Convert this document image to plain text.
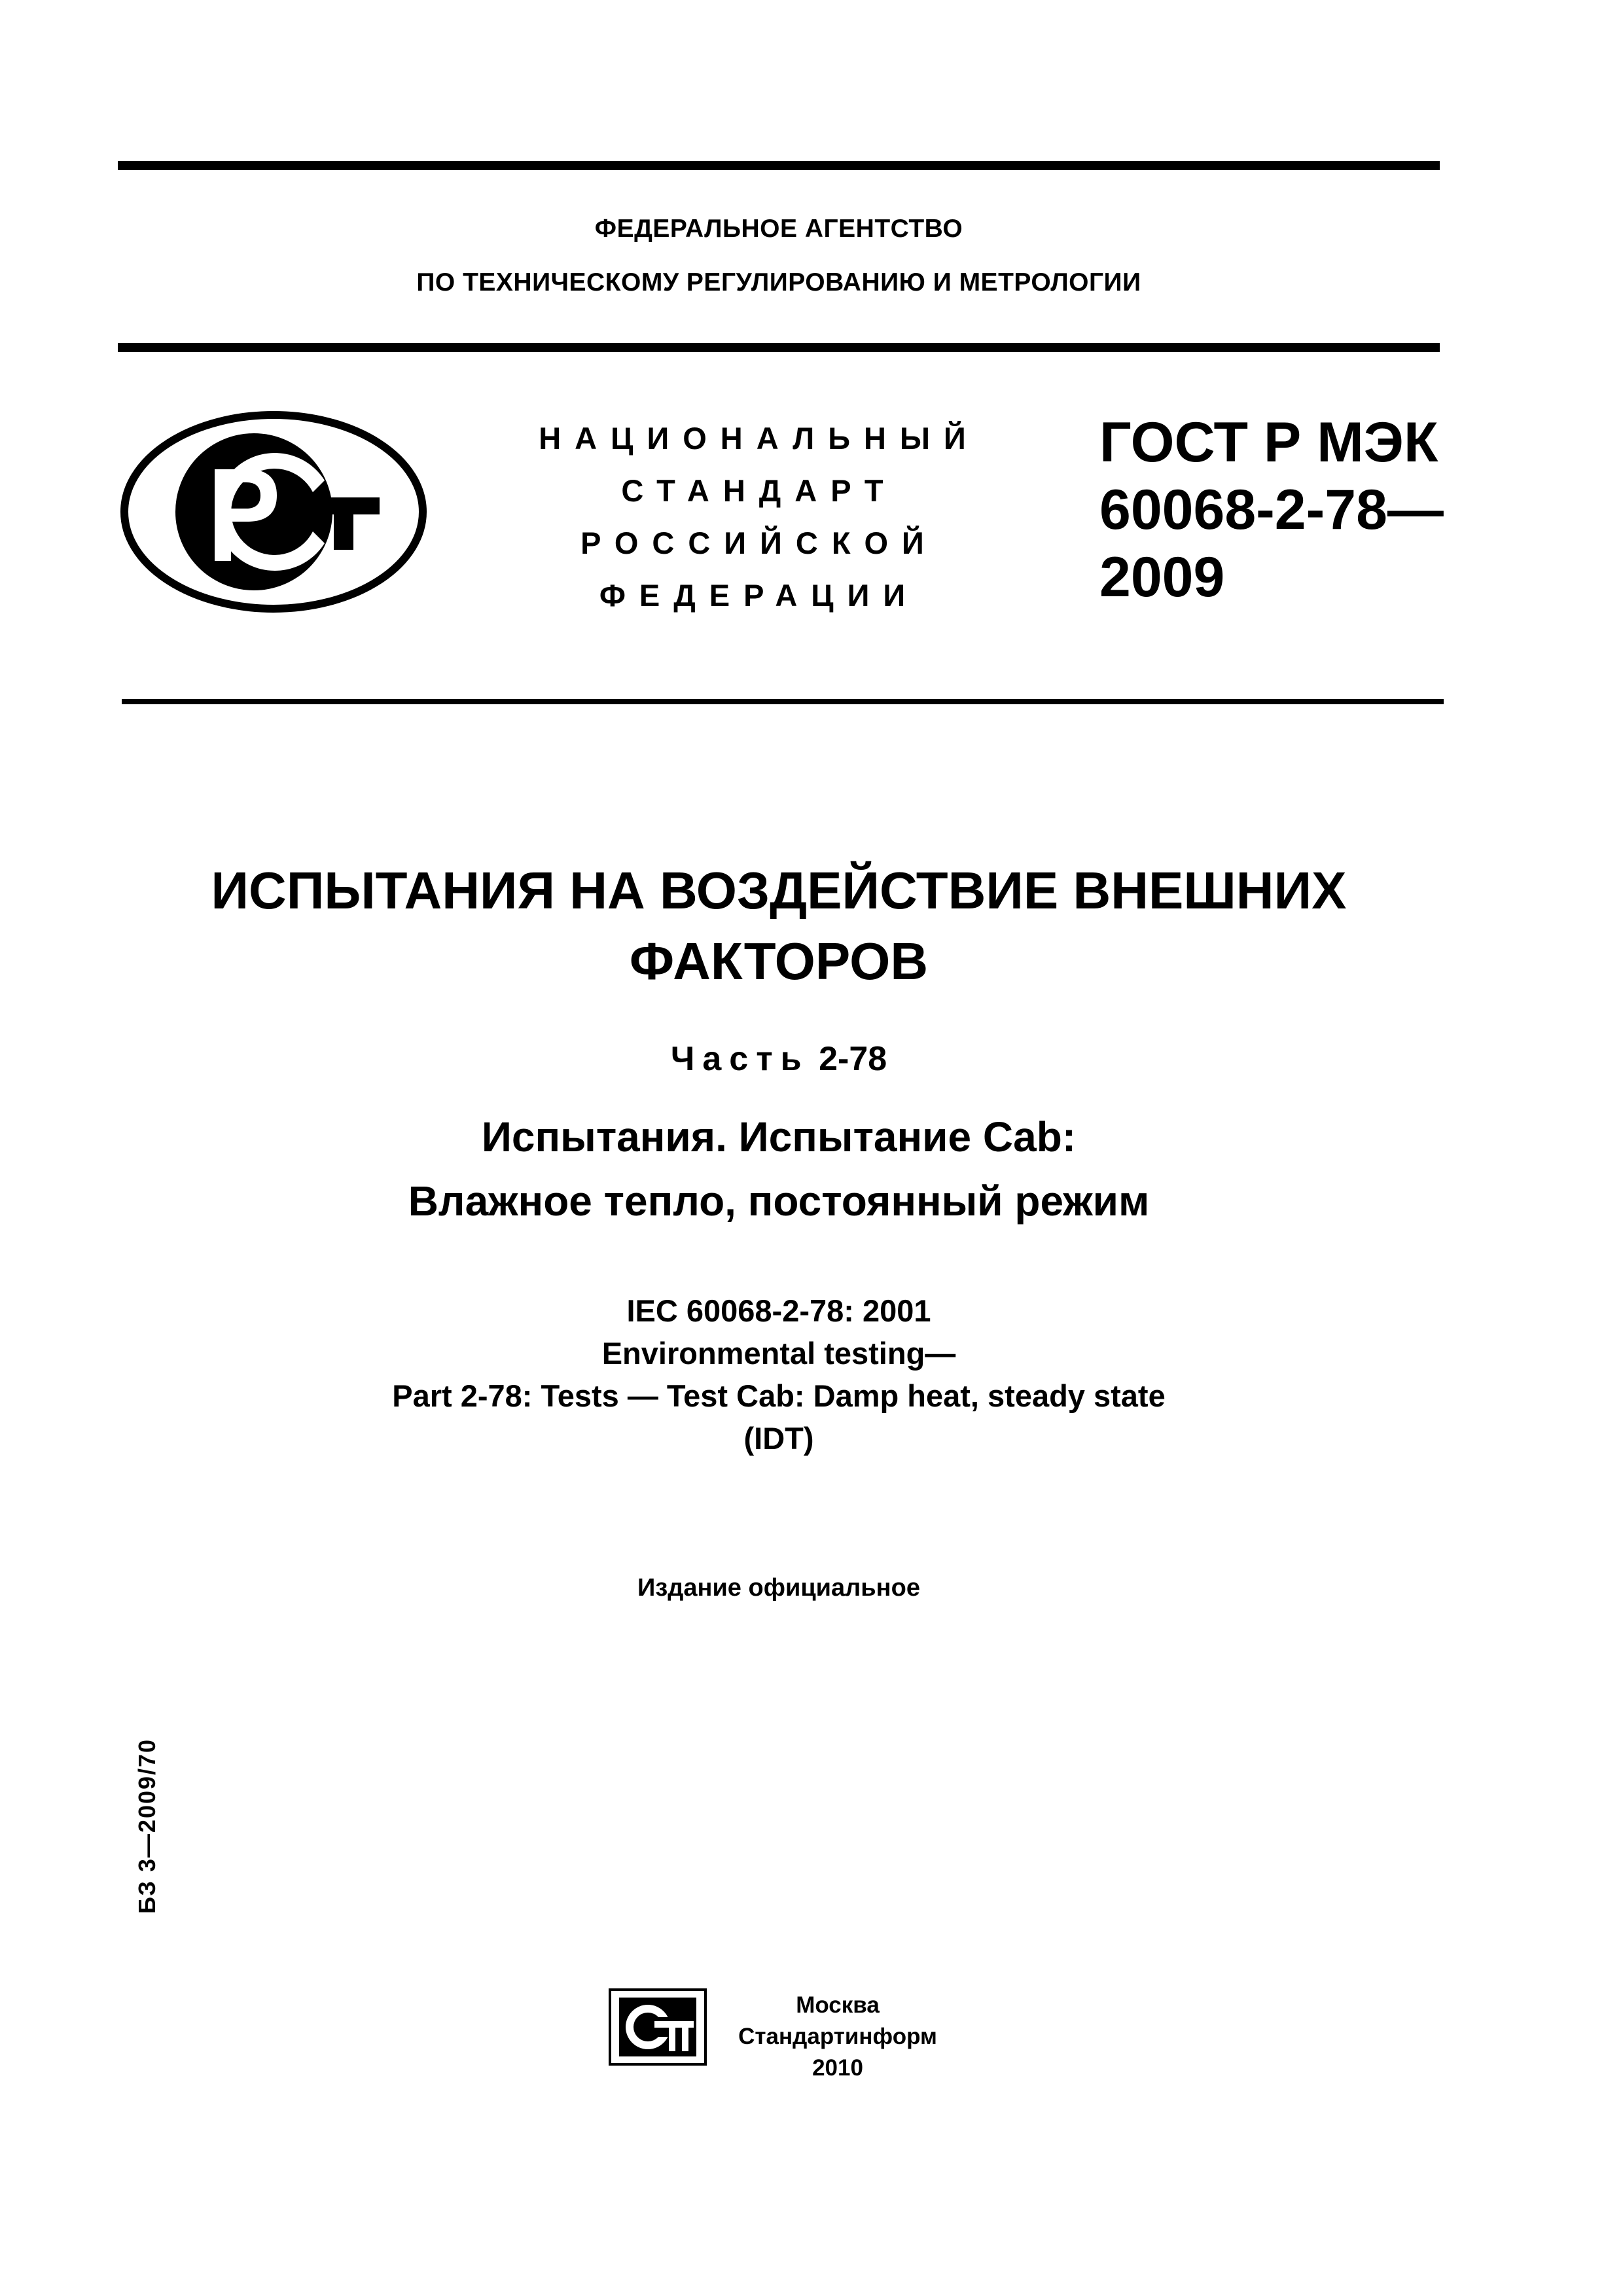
ФЕДЕРАЛЬНОЕ АГЕНТСТВО
ПО ТЕХНИЧЕСКОМУ РЕГУЛИРОВАНИЮ И МЕТРОЛОГИИ
НАЦИОНАЛЬНЫЙ
СТАНДАРТ
РОССИЙСКОЙ
ФЕДЕРАЦИИ
ГОСТ Р МЭК
60068-2-78—
2009
ИСПЫТАНИЯ НА ВОЗДЕЙСТВИЕ ВНЕШНИХ
ФАКТОРОВ
Часть 2-78
Испытания. Испытание Cab:
Влажное тепло, постоянный режим
IEC 60068-2-78: 2001
Environmental testing—
Part 2-78: Tests — Test Cab: Damp heat, steady state
(IDT)
Издание официальное
БЗ 3—2009/70
Москва
Стандартинформ
2010
